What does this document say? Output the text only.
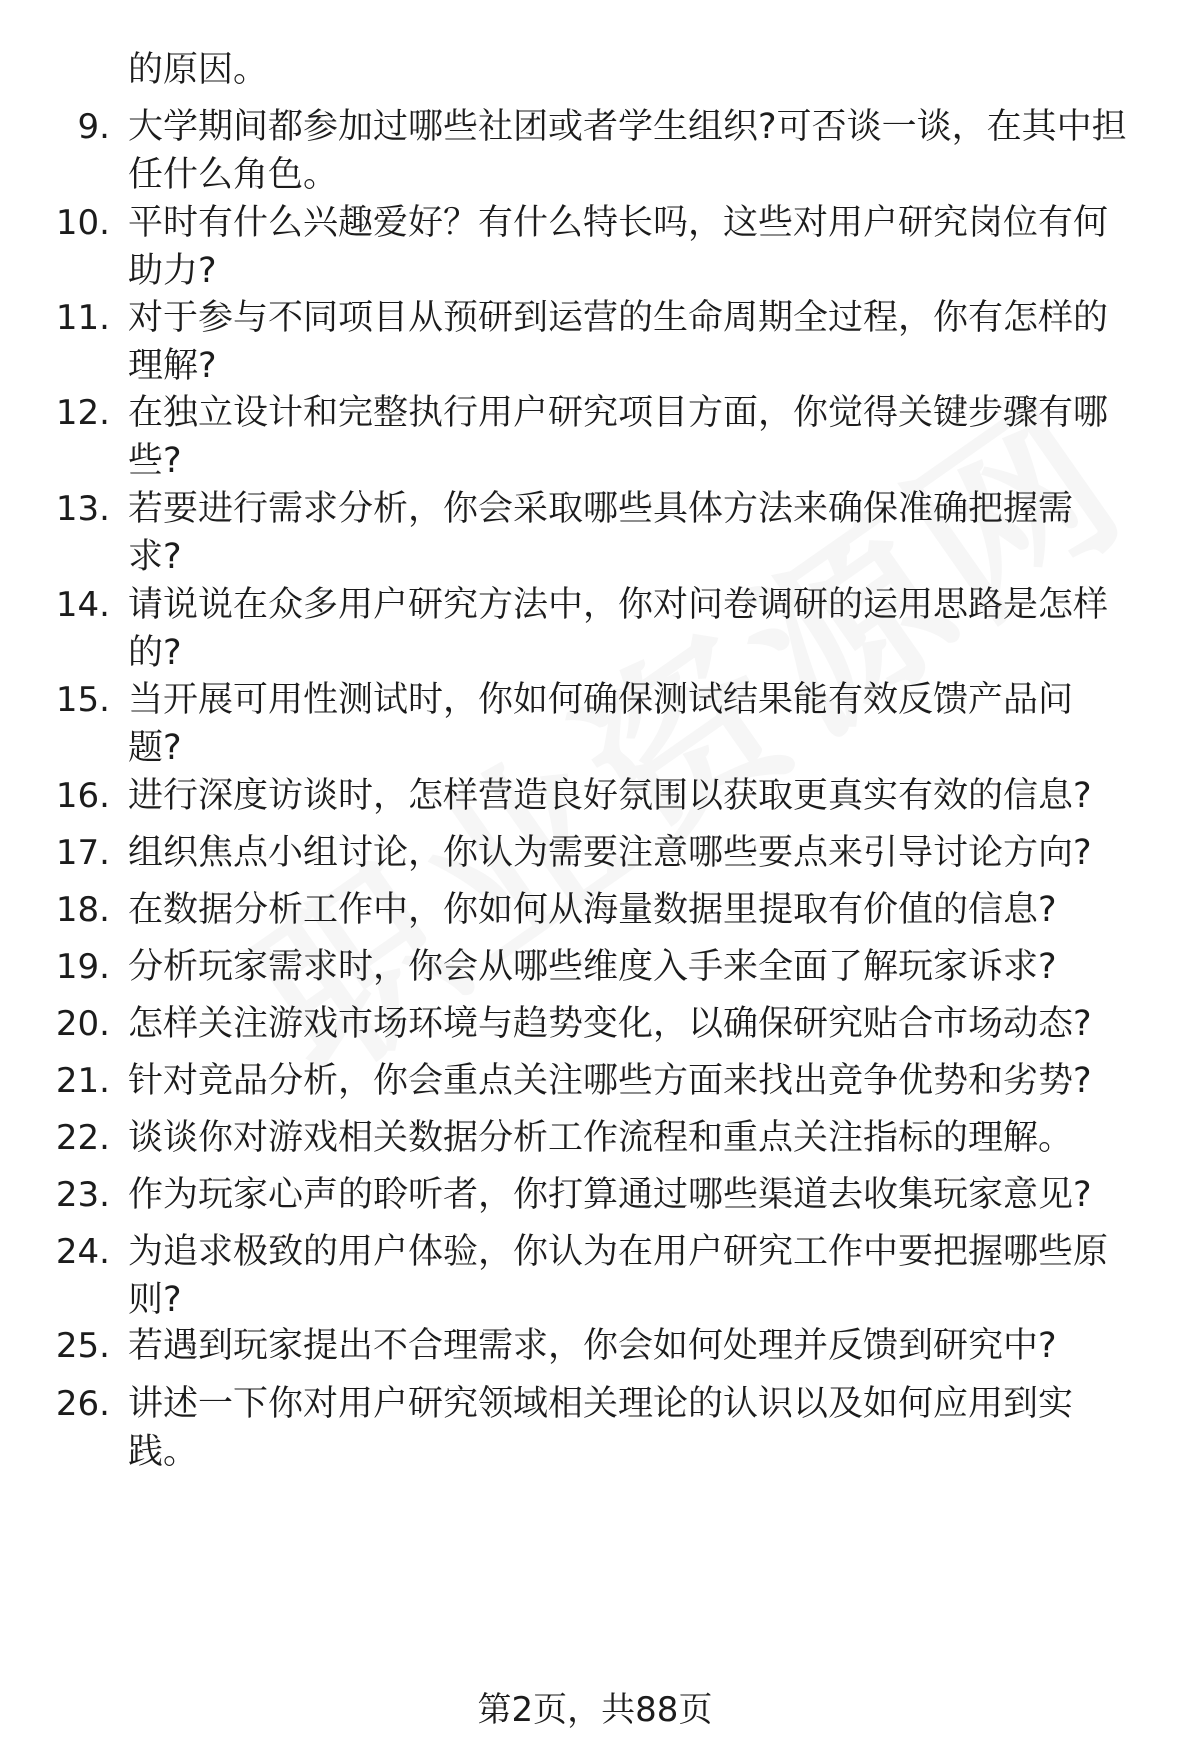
的原因。
9. 大学期间都参加过哪些社团或者学生组织?可否谈一谈，在其中担
任什么角色。
10. 平时有什么兴趣爱好？有什么特长吗，这些对用户研究岗位有何
助力?
11. 对于参与不同项目从预研到运营的生命周期全过程，你有怎样的
理解?
12. 在独立设计和完整执行用户研究项目方面，你觉得关键步骤有哪
些?
13. 若要进行需求分析，你会采取哪些具体方法来确保准确把握需
求?
14. 请说说在众多用户研究方法中，你对问卷调研的运用思路是怎样
的?
15. 当开展可用性测试时，你如何确保测试结果能有效反馈产品问
题?
16. 进行深度访谈时，怎样营造良好氛围以获取更真实有效的信息?
17. 组织焦点小组讨论，你认为需要注意哪些要点来引导讨论方向?
18. 在数据分析工作中，你如何从海量数据里提取有价值的信息?
19. 分析玩家需求时，你会从哪些维度入手来全面了解玩家诉求?
20. 怎样关注游戏市场环境与趋势变化，以确保研究贴合市场动态?
21. 针对竞品分析，你会重点关注哪些方面来找出竞争优势和劣势?
22. 谈谈你对游戏相关数据分析工作流程和重点关注指标的理解。
23. 作为玩家心声的聆听者，你打算通过哪些渠道去收集玩家意见?
24. 为追求极致的用户体验，你认为在用户研究工作中要把握哪些原
则?
25. 若遇到玩家提出不合理需求，你会如何处理并反馈到研究中?
26. 讲述一下你对用户研究领域相关理论的认识以及如何应用到实
践。
第2页，共88页
